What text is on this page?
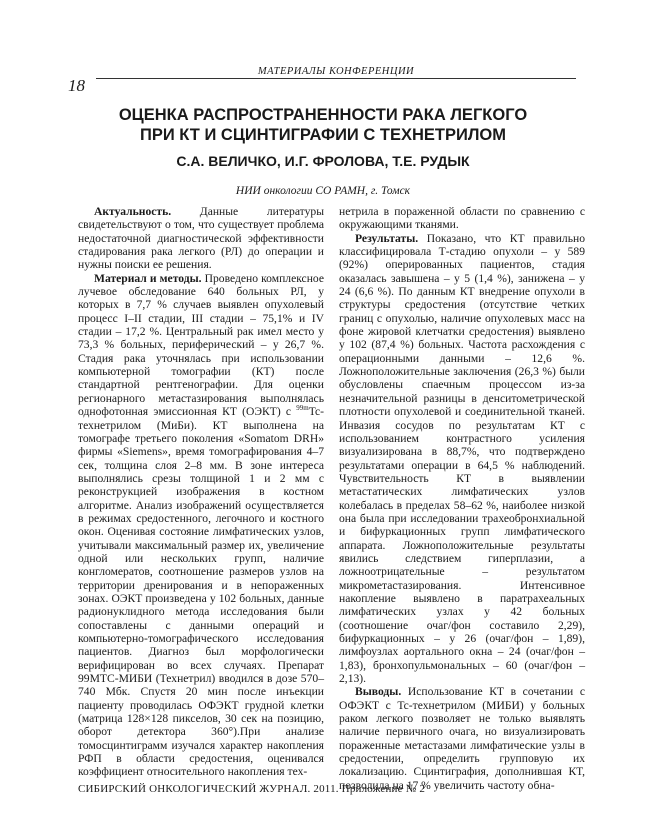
МАТЕРИАЛЫ КОНФЕРЕНЦИИ
18
ОЦЕНКА РАСПРОСТРАНЕННОСТИ РАКА ЛЕГКОГО
ПРИ КТ И СЦИНТИГРАФИИ С ТЕХНЕТРИЛОМ

С.А. ВЕЛИЧКО, И.Г. ФРОЛОВА, Т.Е. РУДЫК

НИИ онкологии СО РАМН, г. Томск

Актуальность. Данные литературы свидетельствуют о том, что существует проблема недостаточной диагностической эффективности стадирования рака легкого (РЛ) до операции и нужны поиски ее решения.

Материал и методы. Проведено комплексное лучевое обследование 640 больных РЛ, у которых в 7,7 % случаев выявлен опухолевый процесс I–II стадии, III стадии – 75,1% и IV стадии – 17,2 %. Центральный рак имел место у 73,3 % больных, периферический – у 26,7 %. Стадия рака уточнялась при использовании компьютерной томографии (КТ) после стандартной рентгенографии. Для оценки регионарного метастазирования выполнялась однофотонная эмиссионная КТ (ОЭКТ) с $^{99m}$Tc-технетрилом (МиБи). КТ выполнена на томографе третьего поколения «Somatom DRH» фирмы «Siemens», время томографирования 4–7 сек, толщина слоя 2–8 мм. В зоне интереса выполнялись срезы толщиной 1 и 2 мм с реконструкцией изображения в костном алгоритме. Анализ изображений осуществляется в режимах средостенного, легочного и костного окон. Оценивая состояние лимфатических узлов, учитывали максимальный размер их, увеличение одной или нескольких групп, наличие конгломератов, соотношение размеров узлов на территории дренирования и в непораженных зонах. ОЭКТ произведена у 102 больных, данные радионуклидного метода исследования были сопоставлены с данными операций и компьютерно-томографического исследования пациентов. Диагноз был морфологически верифицирован во всех случаях. Препарат 99МТС-МИБИ (Технетрил) вводился в дозе 570–740 Мбк. Спустя 20 мин после инъекции пациенту проводилась ОФЭКТ грудной клетки (матрица 128×128 пикселов, 30 сек на позицию, оборот детектора 360°).При анализе томосцинтиграмм изучался характер накопления РФП в области средостения, оценивался коэффициент относительного накопления тех-

нетрила в пораженной области по сравнению с окружающими тканями.

Результаты. Показано, что КТ правильно классифицировала Т-стадию опухоли – у 589 (92%) оперированных пациентов, стадия оказалась завышена – у 5 (1,4 %), занижена – у 24 (6,6 %). По данным КТ внедрение опухоли в структуры средостения (отсутствие четких границ с опухолью, наличие опухолевых масс на фоне жировой клетчатки средостения) выявлено у 102 (87,4 %) больных. Частота расхождения с операционными данными – 12,6 %. Ложноположительные заключения (26,3 %) были обусловлены спаечным процессом из-за незначительной разницы в денситометрической плотности опухолевой и соединительной тканей. Инвазия сосудов по результатам КТ с использованием контрастного усиления визуализирована в 88,7%, что подтверждено результатами операции в 64,5 % наблюдений. Чувствительность КТ в выявлении метастатических лимфатических узлов колебалась в пределах 58–62 %, наиболее низкой она была при исследовании трахеобронхиальной и бифуркационных групп лимфатического аппарата. Ложноположительные результаты явились следствием гиперплазии, а ложноотрицательные – результатом микрометастазирования. Интенсивное накопление выявлено в паратрахеальных лимфатических узлах у 42 больных (соотношение очаг/фон составило 2,29), бифуркационных – у 26 (очаг/фон – 1,89), лимфоузлах аортального окна – 24 (очаг/фон – 1,83), бронхопульмональных – 60 (очаг/фон – 2,13).

Выводы. Использование КТ в сочетании с ОФЭКТ с Tc-технетрилом (МИБИ) у больных раком легкого позволяет не только выявлять наличие первичного очага, но визуализировать пораженные метастазами лимфатические узлы в средостении, определить групповую их локализацию. Сцинтиграфия, дополнившая КТ, позволила на 17 % увеличить частоту обна-

СИБИРСКИЙ ОНКОЛОГИЧЕСКИЙ ЖУРНАЛ. 2011. Приложение № 2
